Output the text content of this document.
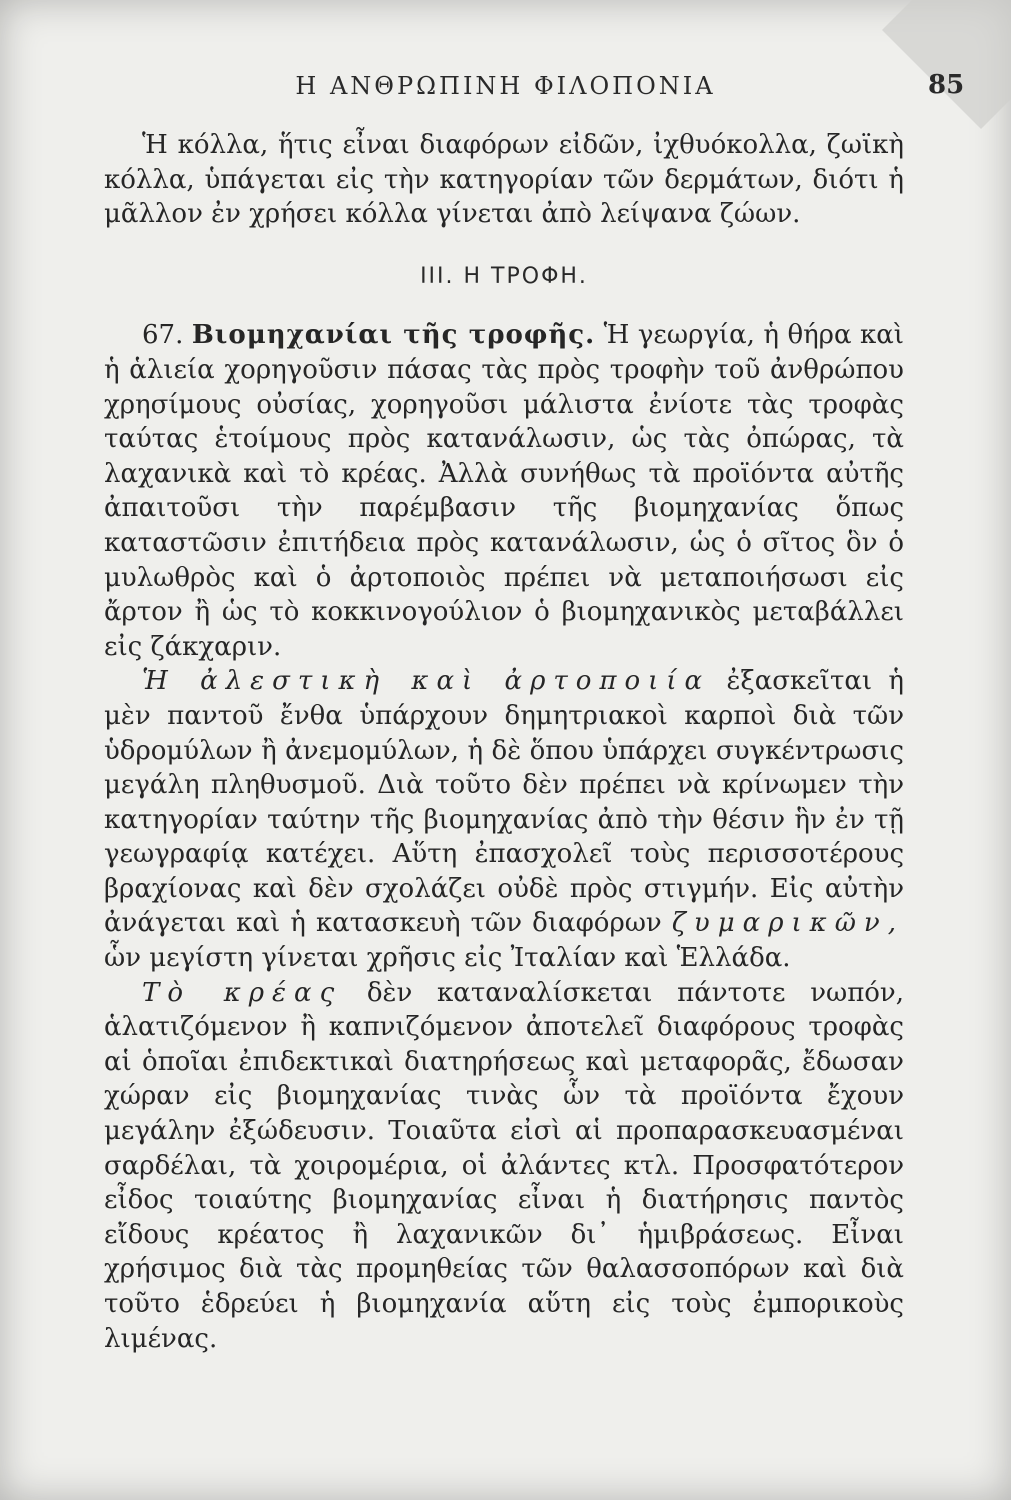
Η ΑΝΘΡΩΠΙΝΗ ΦΙΛΟΠΟΝΙΑ	85

Ἡ κόλλα, ἥτις εἶναι διαφόρων εἰδῶν, ἰχθυόκολλα, ζωϊκὴ κόλλα, ὑπάγεται εἰς τὴν κατηγορίαν τῶν δερμάτων, διότι ἡ μᾶλλον ἐν χρήσει κόλλα γίνεται ἀπὸ λείψανα ζώων.

ΙΙΙ. Η ΤΡΟΦΗ.

67. Βιομηχανίαι τῆς τροφῆς. Ἡ γεωργία, ἡ θήρα καὶ ἡ ἁλιεία χορηγοῦσιν πάσας τὰς πρὸς τροφὴν τοῦ ἀνθρώπου χρησίμους οὐσίας, χορηγοῦσι μάλιστα ἐνίοτε τὰς τροφὰς ταύτας ἑτοίμους πρὸς κατανάλωσιν, ὡς τὰς ὀπώρας, τὰ λαχανικὰ καὶ τὸ κρέας. Ἀλλὰ συνήθως τὰ προϊόντα αὐτῆς ἀπαιτοῦσι τὴν παρέμβασιν τῆς βιομηχανίας ὅπως καταστῶσιν ἐπιτήδεια πρὸς κατανάλωσιν, ὡς ὁ σῖτος ὃν ὁ μυλωθρὸς καὶ ὁ ἀρτοποιὸς πρέπει νὰ μεταποιήσωσι εἰς ἄρτον ἢ ὡς τὸ κοκκινογούλιον ὁ βιομηχανικὸς μεταβάλλει εἰς ζάκχαριν.

Ἡ ἀλεστικὴ καὶ ἀρτοποιία ἐξασκεῖται ἡ μὲν παντοῦ ἔνθα ὑπάρχουν δημητριακοὶ καρποὶ διὰ τῶν ὑδρομύλων ἢ ἀνεμομύλων, ἡ δὲ ὅπου ὑπάρχει συγκέντρωσις μεγάλη πληθυσμοῦ. Διὰ τοῦτο δὲν πρέπει νὰ κρίνωμεν τὴν κατηγορίαν ταύτην τῆς βιομηχανίας ἀπὸ τὴν θέσιν ἣν ἐν τῇ γεωγραφίᾳ κατέχει. Αὕτη ἐπασχολεῖ τοὺς περισσοτέρους βραχίονας καὶ δὲν σχολάζει οὐδὲ πρὸς στιγμήν. Εἰς αὐτὴν ἀνάγεται καὶ ἡ κατασκευὴ τῶν διαφόρων ζυμαρικῶν, ὧν μεγίστη γίνεται χρῆσις εἰς Ἰταλίαν καὶ Ἑλλάδα.

Τὸ κρέας δὲν καταναλίσκεται πάντοτε νωπόν, ἁλατιζόμενον ἢ καπνιζόμενον ἀποτελεῖ διαφόρους τροφὰς αἱ ὁποῖαι ἐπιδεκτικαὶ διατηρήσεως καὶ μεταφορᾶς, ἔδωσαν χώραν εἰς βιομηχανίας τινὰς ὧν τὰ προϊόντα ἔχουν μεγάλην ἐξώδευσιν. Τοιαῦτα εἰσὶ αἱ προπαρασκευασμέναι σαρδέλαι, τὰ χοιρομέρια, οἱ ἀλάντες κτλ. Προσφατότερον εἶδος τοιαύτης βιομηχανίας εἶναι ἡ διατήρησις παντὸς εἴδους κρέατος ἢ λαχανικῶν δι᾽ ἡμιβράσεως. Εἶναι χρήσιμος διὰ τὰς προμηθείας τῶν θαλασσοπόρων καὶ διὰ τοῦτο ἑδρεύει ἡ βιομηχανία αὕτη εἰς τοὺς ἐμπορικοὺς λιμένας.
